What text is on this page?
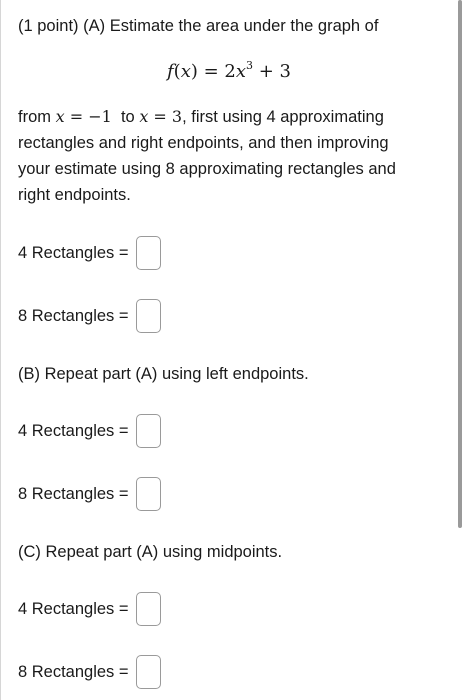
(1 point) (A) Estimate the area under the graph of
$f(x) = 2x^3 + 3$
from x = −1  to x = 3, first using 4 approximating
rectangles and right endpoints, and then improving
your estimate using 8 approximating rectangles and
right endpoints.
4 Rectangles =
8 Rectangles =
(B) Repeat part (A) using left endpoints.
4 Rectangles =
8 Rectangles =
(C) Repeat part (A) using midpoints.
4 Rectangles =
8 Rectangles =
